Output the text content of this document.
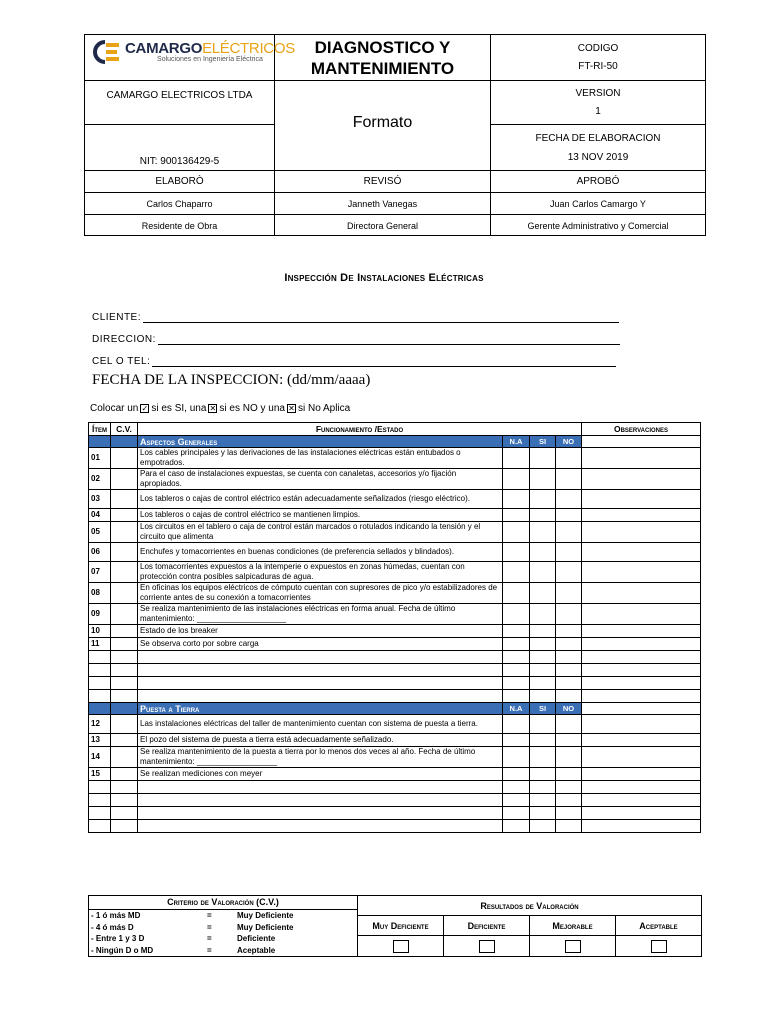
CAMARGOELÉCTRICOS
Soluciones en Ingeniería Eléctrica
CAMARGO ELECTRICOS LTDA
NIT: 900136429-5
DIAGNOSTICO Y
MANTENIMIENTO
Formato
CODIGO
FT-RI-50
VERSION
1
FECHA DE ELABORACION
13 NOV 2019
ELABORÒ	REVISÓ	APROBÓ
Carlos Chaparro	Janneth Vanegas	Juan Carlos Camargo Y
Residente de Obra	Directora General	Gerente Administrativo y Comercial
Inspección De Instalaciones Eléctricas
CLIENTE:
DIRECCION:
CEL O TEL:
FECHA DE LA INSPECCION: (dd/mm/aaaa)
Colocar un ✓ si es SI, una ✕ si es NO y una ✕ si No Aplica
Ítem	C.V.	Funcionamiento /Estado				Observaciones
		Aspectos Generales	N.A	SI	NO	
01		Los cables principales y las derivaciones de las instalaciones eléctricas están entubados o empotrados.				
02		Para el caso de instalaciones expuestas, se cuenta con canaletas, accesorios y/o fijación apropiados.				
03		Los tableros o cajas de control eléctrico están adecuadamente señalizados (riesgo eléctrico).				
04		Los tableros o cajas de control eléctrico se mantienen limpios.				
05		Los circuitos en el tablero o caja de control están marcados o rotulados indicando la tensión y el circuito que alimenta				
06		Enchufes y tomacorrientes en buenas condiciones (de preferencia sellados y blindados).				
07		Los tomacorrientes expuestos a la intemperie o expuestos en zonas húmedas, cuentan con protección contra posibles salpicaduras de agua.				
08		En oficinas los equipos eléctricos de cómputo cuentan con supresores de pico y/o estabilizadores de corriente antes de su conexión a tomacorrientes				
09		Se realiza mantenimiento de las instalaciones eléctricas en forma anual. Fecha de último mantenimiento: ____________________				
10		Estado de los breaker				
11		Se observa corto por sobre carga				

		Puesta a Tierra	N.A	SI	NO	
12		Las instalaciones eléctricas del taller de mantenimiento cuentan con sistema de puesta a tierra.				
13		El pozo del sistema de puesta a tierra está adecuadamente señalizado.				
14		Se realiza mantenimiento de la puesta a tierra por lo menos dos veces al año. Fecha de último mantenimiento: __________________				
15		Se realizan mediciones con meyer				

Criterio de Valoración (C.V.)
- 1 ó más MD	=	Muy Deficiente
- 4 ó más D	=	Muy Deficiente
- Entre 1 y 3 D	=	Deficiente
- Ningún D o MD	=	Aceptable
Resultados de Valoración
Muy Deficiente	Deficiente	Mejorable	Aceptable
